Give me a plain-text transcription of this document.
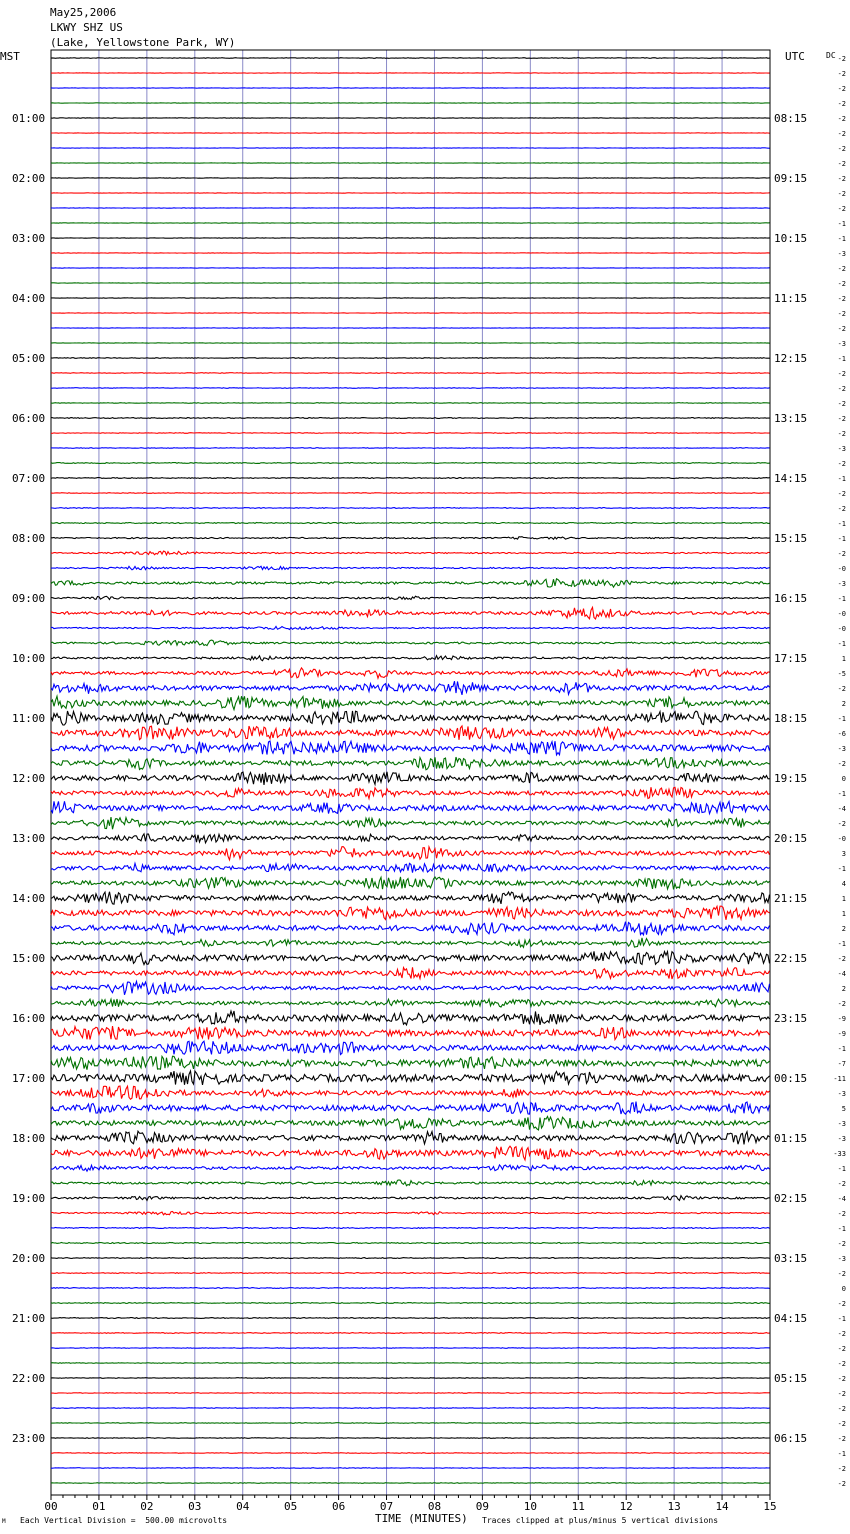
May25,2006
LKWY SHZ US
(Lake, Yellowstone Park, WY)
MST	UTC
01:00
02:00
03:00
04:00
05:00
06:00
07:00
08:00
09:00
10:00
11:00
12:00
13:00
14:00
15:00
16:00
17:00
18:00
19:00
20:00
21:00
22:00
23:00
08:15
09:15
10:15
11:15
12:15
13:15
14:15
15:15
16:15
17:15
18:15
19:15
20:15
21:15
22:15
23:15
00:15
01:15
02:15
03:15
04:15
05:15
06:15
-2
-2
-2
-2
-2
-2
-2
-2
-2
-2
-2
-1
-1
-3
-2
-2
-2
-2
-2
-3
-1
-2
-2
-2
-2
-2
-3
-2
-1
-2
-2
-1
-1
-2
-0
-3
-1
-0
-0
-1
1
-5
-2
2
-1
-6
-3
-2
0
-1
-4
-2
-0
3
-1
4
1
1
2
-1
-2
-4
2
-2
-9
-9
-1
-7
-11
-3
5
-3
-3
-33
-1
-2
-4
-2
-1
-2
-3
-2
0
-2
-1
-2
-2
-2
-2
-2
-2
-2
-2
-1
-2
-2
00	01	02	03	04	05	06	07	08	09	10	11	12	13	14	15
DC
M Each Vertical Division =  500.00 microvolts	TIME (MINUTES) Traces clipped at plus/minus 5 vertical divisions
